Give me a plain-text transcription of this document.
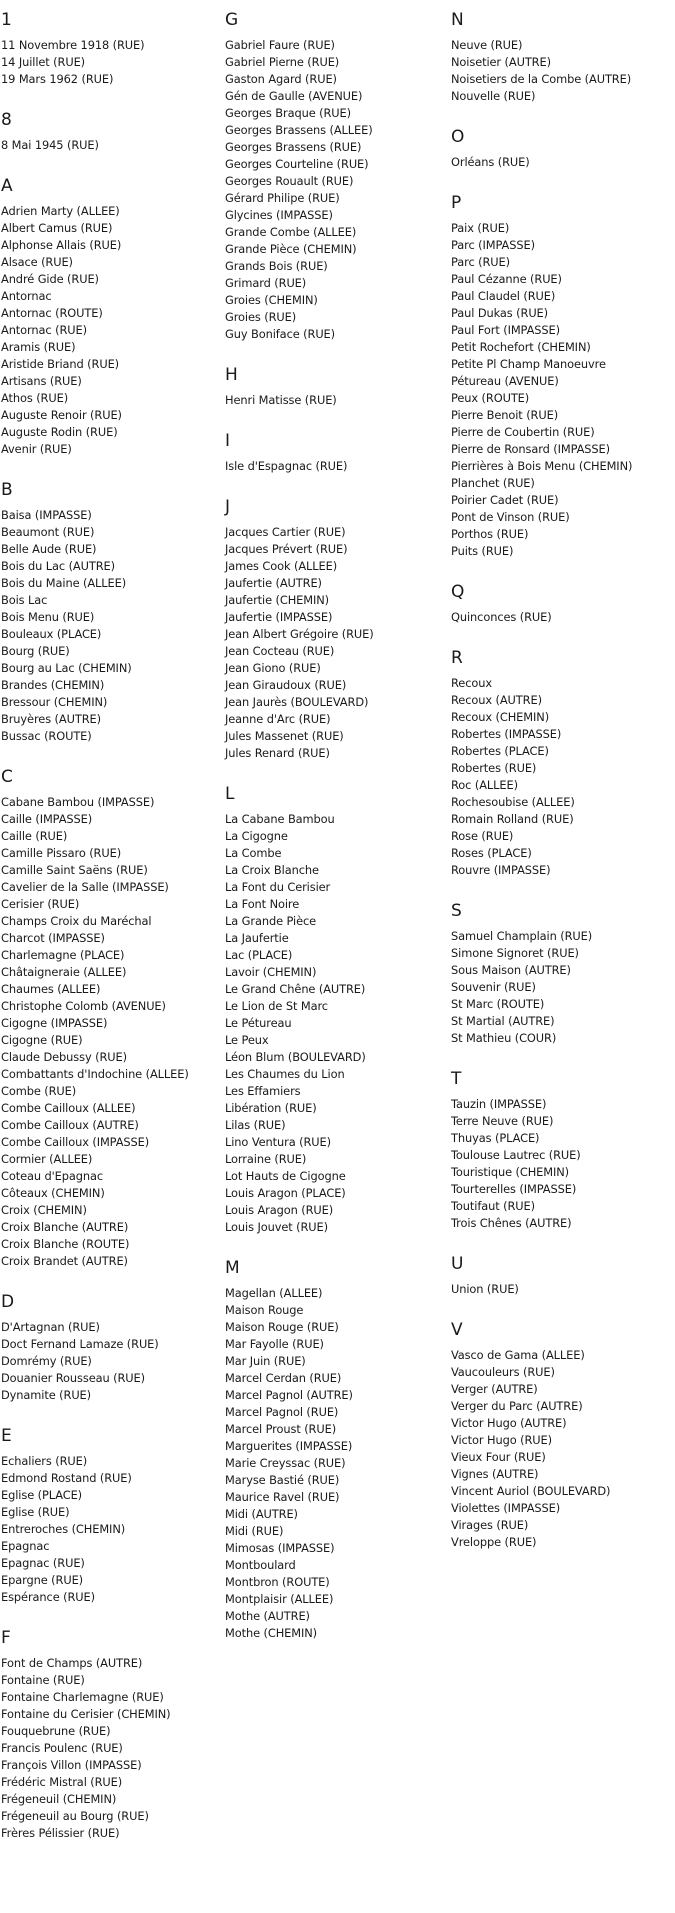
1
11 Novembre 1918 (RUE)
14 Juillet (RUE)
19 Mars 1962 (RUE)
8
8 Mai 1945 (RUE)
A
Adrien Marty (ALLEE)
Albert Camus (RUE)
Alphonse Allais (RUE)
Alsace (RUE)
André Gide (RUE)
Antornac
Antornac (ROUTE)
Antornac (RUE)
Aramis (RUE)
Aristide Briand (RUE)
Artisans (RUE)
Athos (RUE)
Auguste Renoir (RUE)
Auguste Rodin (RUE)
Avenir (RUE)
B
Baisa (IMPASSE)
Beaumont (RUE)
Belle Aude (RUE)
Bois du Lac (AUTRE)
Bois du Maine (ALLEE)
Bois Lac
Bois Menu (RUE)
Bouleaux (PLACE)
Bourg (RUE)
Bourg au Lac (CHEMIN)
Brandes (CHEMIN)
Bressour (CHEMIN)
Bruyères (AUTRE)
Bussac (ROUTE)
C
Cabane Bambou (IMPASSE)
Caille (IMPASSE)
Caille (RUE)
Camille Pissaro (RUE)
Camille Saint Saëns (RUE)
Cavelier de la Salle (IMPASSE)
Cerisier (RUE)
Champs Croix du Maréchal
Charcot (IMPASSE)
Charlemagne (PLACE)
Châtaigneraie (ALLEE)
Chaumes (ALLEE)
Christophe Colomb (AVENUE)
Cigogne (IMPASSE)
Cigogne (RUE)
Claude Debussy (RUE)
Combattants d'Indochine (ALLEE)
Combe (RUE)
Combe Cailloux (ALLEE)
Combe Cailloux (AUTRE)
Combe Cailloux (IMPASSE)
Cormier (ALLEE)
Coteau d'Epagnac
Côteaux (CHEMIN)
Croix (CHEMIN)
Croix Blanche (AUTRE)
Croix Blanche (ROUTE)
Croix Brandet (AUTRE)
D
D'Artagnan (RUE)
Doct Fernand Lamaze (RUE)
Domrémy (RUE)
Douanier Rousseau (RUE)
Dynamite (RUE)
E
Echaliers (RUE)
Edmond Rostand (RUE)
Eglise (PLACE)
Eglise (RUE)
Entreroches (CHEMIN)
Epagnac
Epagnac (RUE)
Epargne (RUE)
Espérance (RUE)
F
Font de Champs (AUTRE)
Fontaine (RUE)
Fontaine Charlemagne (RUE)
Fontaine du Cerisier (CHEMIN)
Fouquebrune (RUE)
Francis Poulenc (RUE)
François Villon (IMPASSE)
Frédéric Mistral (RUE)
Frégeneuil (CHEMIN)
Frégeneuil au Bourg (RUE)
Frères Pélissier (RUE)
G
Gabriel Faure (RUE)
Gabriel Pierne (RUE)
Gaston Agard (RUE)
Gén de Gaulle (AVENUE)
Georges Braque (RUE)
Georges Brassens (ALLEE)
Georges Brassens (RUE)
Georges Courteline (RUE)
Georges Rouault (RUE)
Gérard Philipe (RUE)
Glycines (IMPASSE)
Grande Combe (ALLEE)
Grande Pièce (CHEMIN)
Grands Bois (RUE)
Grimard (RUE)
Groies (CHEMIN)
Groies (RUE)
Guy Boniface (RUE)
H
Henri Matisse (RUE)
I
Isle d'Espagnac (RUE)
J
Jacques Cartier (RUE)
Jacques Prévert (RUE)
James Cook (ALLEE)
Jaufertie (AUTRE)
Jaufertie (CHEMIN)
Jaufertie (IMPASSE)
Jean Albert Grégoire (RUE)
Jean Cocteau (RUE)
Jean Giono (RUE)
Jean Giraudoux (RUE)
Jean Jaurès (BOULEVARD)
Jeanne d'Arc (RUE)
Jules Massenet (RUE)
Jules Renard (RUE)
L
La Cabane Bambou
La Cigogne
La Combe
La Croix Blanche
La Font du Cerisier
La Font Noire
La Grande Pièce
La Jaufertie
Lac (PLACE)
Lavoir (CHEMIN)
Le Grand Chêne (AUTRE)
Le Lion de St Marc
Le Pétureau
Le Peux
Léon Blum (BOULEVARD)
Les Chaumes du Lion
Les Effamiers
Libération (RUE)
Lilas (RUE)
Lino Ventura (RUE)
Lorraine (RUE)
Lot Hauts de Cigogne
Louis Aragon (PLACE)
Louis Aragon (RUE)
Louis Jouvet (RUE)
M
Magellan (ALLEE)
Maison Rouge
Maison Rouge (RUE)
Mar Fayolle (RUE)
Mar Juin (RUE)
Marcel Cerdan (RUE)
Marcel Pagnol (AUTRE)
Marcel Pagnol (RUE)
Marcel Proust (RUE)
Marguerites (IMPASSE)
Marie Creyssac (RUE)
Maryse Bastié (RUE)
Maurice Ravel (RUE)
Midi (AUTRE)
Midi (RUE)
Mimosas (IMPASSE)
Montboulard
Montbron (ROUTE)
Montplaisir (ALLEE)
Mothe (AUTRE)
Mothe (CHEMIN)
N
Neuve (RUE)
Noisetier (AUTRE)
Noisetiers de la Combe (AUTRE)
Nouvelle (RUE)
O
Orléans (RUE)
P
Paix (RUE)
Parc (IMPASSE)
Parc (RUE)
Paul Cézanne (RUE)
Paul Claudel (RUE)
Paul Dukas (RUE)
Paul Fort (IMPASSE)
Petit Rochefort (CHEMIN)
Petite Pl Champ Manoeuvre
Pétureau (AVENUE)
Peux (ROUTE)
Pierre Benoit (RUE)
Pierre de Coubertin (RUE)
Pierre de Ronsard (IMPASSE)
Pierrières à Bois Menu (CHEMIN)
Planchet (RUE)
Poirier Cadet (RUE)
Pont de Vinson (RUE)
Porthos (RUE)
Puits (RUE)
Q
Quinconces (RUE)
R
Recoux
Recoux (AUTRE)
Recoux (CHEMIN)
Robertes (IMPASSE)
Robertes (PLACE)
Robertes (RUE)
Roc (ALLEE)
Rochesoubise (ALLEE)
Romain Rolland (RUE)
Rose (RUE)
Roses (PLACE)
Rouvre (IMPASSE)
S
Samuel Champlain (RUE)
Simone Signoret (RUE)
Sous Maison (AUTRE)
Souvenir (RUE)
St Marc (ROUTE)
St Martial (AUTRE)
St Mathieu (COUR)
T
Tauzin (IMPASSE)
Terre Neuve (RUE)
Thuyas (PLACE)
Toulouse Lautrec (RUE)
Touristique (CHEMIN)
Tourterelles (IMPASSE)
Toutifaut (RUE)
Trois Chênes (AUTRE)
U
Union (RUE)
V
Vasco de Gama (ALLEE)
Vaucouleurs (RUE)
Verger (AUTRE)
Verger du Parc (AUTRE)
Victor Hugo (AUTRE)
Victor Hugo (RUE)
Vieux Four (RUE)
Vignes (AUTRE)
Vincent Auriol (BOULEVARD)
Violettes (IMPASSE)
Virages (RUE)
Vreloppe (RUE)
